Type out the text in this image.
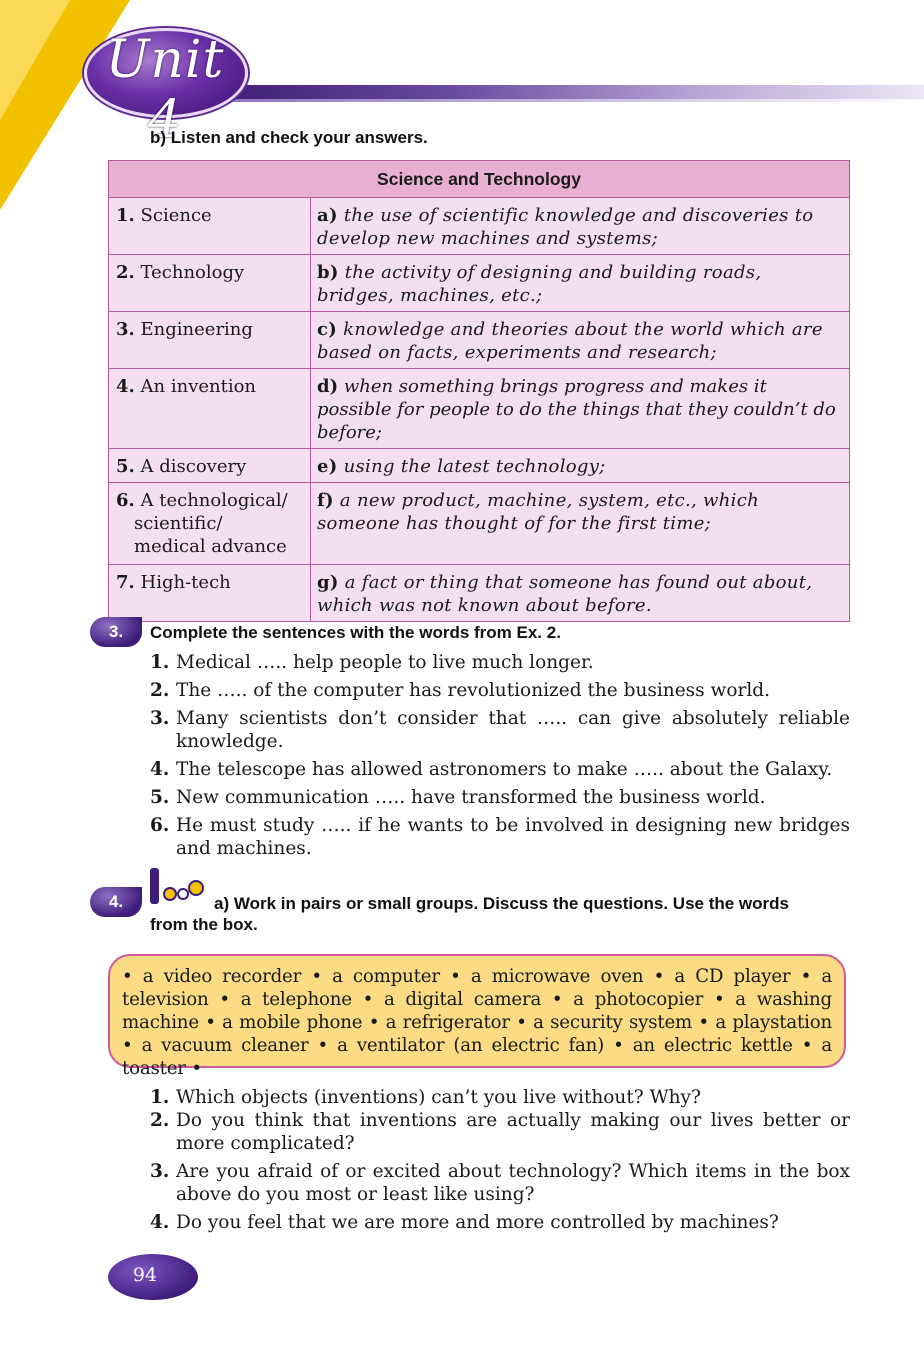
Unit 4
b) Listen and check your answers.
Science and Technology	
1. Science	a) the use of scientific knowledge and discoveries to develop new machines and systems;
2. Technology	b) the activity of designing and building roads, bridges, machines, etc.;
3. Engineering	c) knowledge and theories about the world which are based on facts, experiments and research;
4. An invention	d) when something brings progress and makes it possible for people to do the things that they couldn’t do before;
5. A discovery	e) using the latest technology;
6. A technological/
scientific/
medical advance	f) a new product, machine, system, etc., which someone has thought of for the first time;
7. High-tech	g) a fact or thing that someone has found out about, which was not known about before.
3.	Complete the sentences with the words from Ex. 2.
1. Medical ….. help people to live much longer.
2. The ….. of the computer has revolutionized the business world.
3. Many scientists don’t consider that ….. can give absolutely reliable knowledge.
4. The telescope has allowed astronomers to make ….. about the Galaxy.
5. New communication ….. have transformed the business world.
6. He must study ….. if he wants to be involved in designing new bridges and machines.
4.	a) Work in pairs or small groups. Discuss the questions. Use the words
from the box.
• a video recorder • a computer • a microwave oven • a CD player • a television • a telephone • a digital camera • a photocopier • a washing machine • a mobile phone • a refrigerator • a security system • a playstation • a vacuum cleaner • a ventilator (an electric fan) • an electric kettle • a toaster •
1. Which objects (inventions) can’t you live without? Why?
2. Do you think that inventions are actually making our lives better or more complicated?
3. Are you afraid of or excited about technology? Which items in the box above do you most or least like using?
4. Do you feel that we are more and more controlled by machines?
94
